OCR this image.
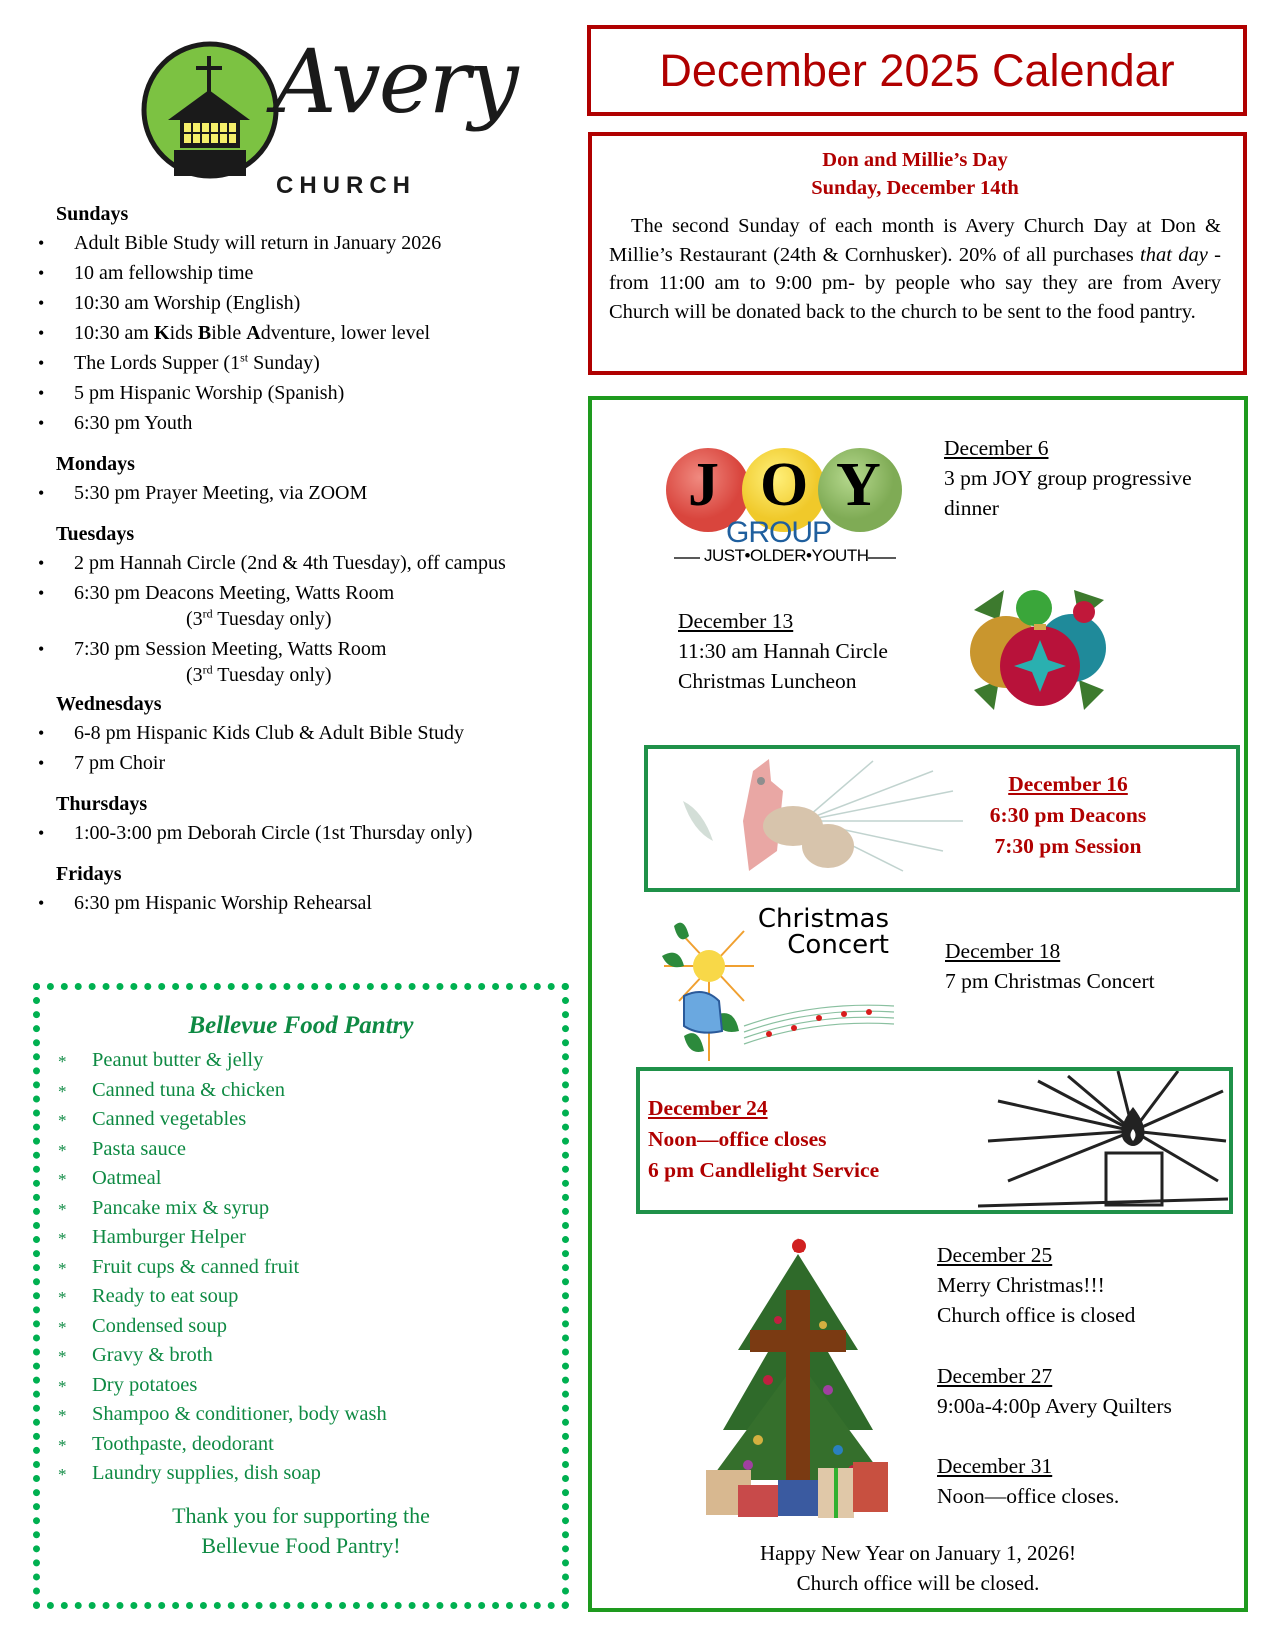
Avery
CHURCH
Sundays
• Adult Bible Study will return in January 2026
• 10 am fellowship time
• 10:30 am Worship (English)
• 10:30 am Kids Bible Adventure, lower level
• The Lords Supper (1st Sunday)
• 5 pm Hispanic Worship (Spanish)
• 6:30 pm Youth
Mondays
• 5:30 pm Prayer Meeting, via ZOOM
Tuesdays
• 2 pm Hannah Circle (2nd & 4th Tuesday), off campus
• 6:30 pm Deacons Meeting, Watts Room
(3rd Tuesday only)
• 7:30 pm Session Meeting, Watts Room
(3rd Tuesday only)
Wednesdays
• 6-8 pm Hispanic Kids Club & Adult Bible Study
• 7 pm Choir
Thursdays
• 1:00-3:00 pm Deborah Circle (1st Thursday only)
Fridays
• 6:30 pm Hispanic Worship Rehearsal
Bellevue Food Pantry
* Peanut butter & jelly
* Canned tuna & chicken
* Canned vegetables
* Pasta sauce
* Oatmeal
* Pancake mix & syrup
* Hamburger Helper
* Fruit cups & canned fruit
* Ready to eat soup
* Condensed soup
* Gravy & broth
* Dry potatoes
* Shampoo & conditioner, body wash
* Toothpaste, deodorant
* Laundry supplies, dish soap
Thank you for supporting the
Bellevue Food Pantry!
December 2025 Calendar
Don and Millie’s Day
Sunday, December 14th
The second Sunday of each month is Avery Church Day at Don & Millie’s Restaurant (24th & Cornhusker). 20% of all purchases that day -from 11:00 am to 9:00 pm- by people who say they are from Avery Church will be donated back to the church to be sent to the food pantry.
J O Y
GROUP
JUST•OLDER•YOUTH
December 6
3 pm JOY group progressive
dinner
December 13
11:30 am Hannah Circle
Christmas Luncheon
December 16
6:30 pm Deacons
7:30 pm Session
Christmas
Concert	December 18
7 pm Christmas Concert
December 24
Noon—office closes
6 pm Candlelight Service
December 25
Merry Christmas!!!
Church office is closed
December 27
9:00a-4:00p Avery Quilters
December 31
Noon—office closes.
Happy New Year on January 1, 2026!
Church office will be closed.
